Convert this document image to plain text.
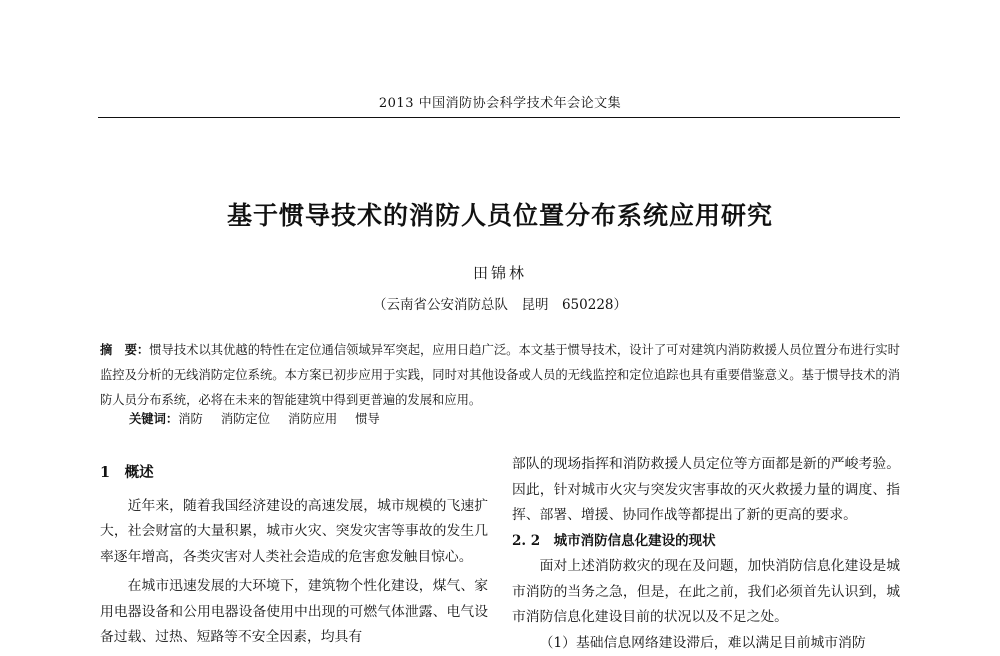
2013 中国消防协会科学技术年会论文集
基于惯导技术的消防人员位置分布系统应用研究
田锦林
（云南省公安消防总队　昆明　650228）
摘　要：惯导技术以其优越的特性在定位通信领域异军突起，应用日趋广泛。本文基于惯导技术，设计了可对建筑内消防救援人员位置分布进行实时监控及分析的无线消防定位系统。本方案已初步应用于实践，同时对其他设备或人员的无线监控和定位追踪也具有重要借鉴意义。基于惯导技术的消防人员分布系统，必将在未来的智能建筑中得到更普遍的发展和应用。
关键词：消防 消防定位 消防应用 惯导
1　概述

近年来，随着我国经济建设的高速发展，城市规模的飞速扩大，社会财富的大量积累，城市火灾、突发灾害等事故的发生几率逐年增高，各类灾害对人类社会造成的危害愈发触目惊心。

在城市迅速发展的大环境下，建筑物个性化建设，煤气、家用电器设备和公用电器设备使用中出现的可燃气体泄露、电气设备过载、过热、短路等不安全因素，均具有

部队的现场指挥和消防救援人员定位等方面都是新的严峻考验。因此，针对城市火灾与突发灾害事故的灭火救援力量的调度、指挥、部署、增援、协同作战等都提出了新的更高的要求。

2. 2　城市消防信息化建设的现状

面对上述消防救灾的现在及问题，加快消防信息化建设是城市消防的当务之急，但是，在此之前，我们必须首先认识到，城市消防信息化建设目前的状况以及不足之处。

（1）基础信息网络建设滞后，难以满足目前城市消防
